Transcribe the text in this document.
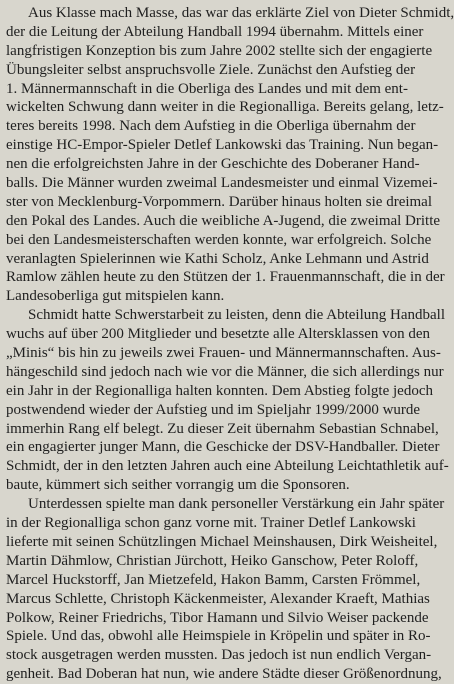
Aus Klasse mach Masse, das war das erklärte Ziel von Dieter Schmidt,
der die Leitung der Abteilung Handball 1994 übernahm. Mittels einer
langfristigen Konzeption bis zum Jahre 2002 stellte sich der engagierte
Übungsleiter selbst anspruchsvolle Ziele. Zunächst den Aufstieg der
1. Männermannschaft in die Oberliga des Landes und mit dem ent-
wickelten Schwung dann weiter in die Regionalliga. Bereits gelang, letz-
teres bereits 1998. Nach dem Aufstieg in die Oberliga übernahm der
einstige HC-Empor-Spieler Detlef Lankowski das Training. Nun began-
nen die erfolgreichsten Jahre in der Geschichte des Doberaner Hand-
balls. Die Männer wurden zweimal Landesmeister und einmal Vizemei-
ster von Mecklenburg-Vorpommern. Darüber hinaus holten sie dreimal
den Pokal des Landes. Auch die weibliche A-Jugend, die zweimal Dritte
bei den Landesmeisterschaften werden konnte, war erfolgreich. Solche
veranlagten Spielerinnen wie Kathi Scholz, Anke Lehmann und Astrid
Ramlow zählen heute zu den Stützen der 1. Frauenmannschaft, die in der
Landesoberliga gut mitspielen kann.
Schmidt hatte Schwerstarbeit zu leisten, denn die Abteilung Handball
wuchs auf über 200 Mitglieder und besetzte alle Altersklassen von den
„Minis“ bis hin zu jeweils zwei Frauen- und Männermannschaften. Aus-
hängeschild sind jedoch nach wie vor die Männer, die sich allerdings nur
ein Jahr in der Regionalliga halten konnten. Dem Abstieg folgte jedoch
postwendend wieder der Aufstieg und im Spieljahr 1999/2000 wurde
immerhin Rang elf belegt. Zu dieser Zeit übernahm Sebastian Schnabel,
ein engagierter junger Mann, die Geschicke der DSV-Handballer. Dieter
Schmidt, der in den letzten Jahren auch eine Abteilung Leichtathletik auf-
baute, kümmert sich seither vorrangig um die Sponsoren.
Unterdessen spielte man dank personeller Verstärkung ein Jahr später
in der Regionalliga schon ganz vorne mit. Trainer Detlef Lankowski
lieferte mit seinen Schützlingen Michael Meinshausen, Dirk Weisheitel,
Martin Dähmlow, Christian Jürchott, Heiko Ganschow, Peter Roloff,
Marcel Huckstorff, Jan Mietzefeld, Hakon Bamm, Carsten Frömmel,
Marcus Schlette, Christoph Käckenmeister, Alexander Kraeft, Mathias
Polkow, Reiner Friedrichs, Tibor Hamann und Silvio Weiser packende
Spiele. Und das, obwohl alle Heimspiele in Kröpelin und später in Ro-
stock ausgetragen werden mussten. Das jedoch ist nun endlich Vergan-
genheit. Bad Doberan hat nun, wie andere Städte dieser Größenordnung,
